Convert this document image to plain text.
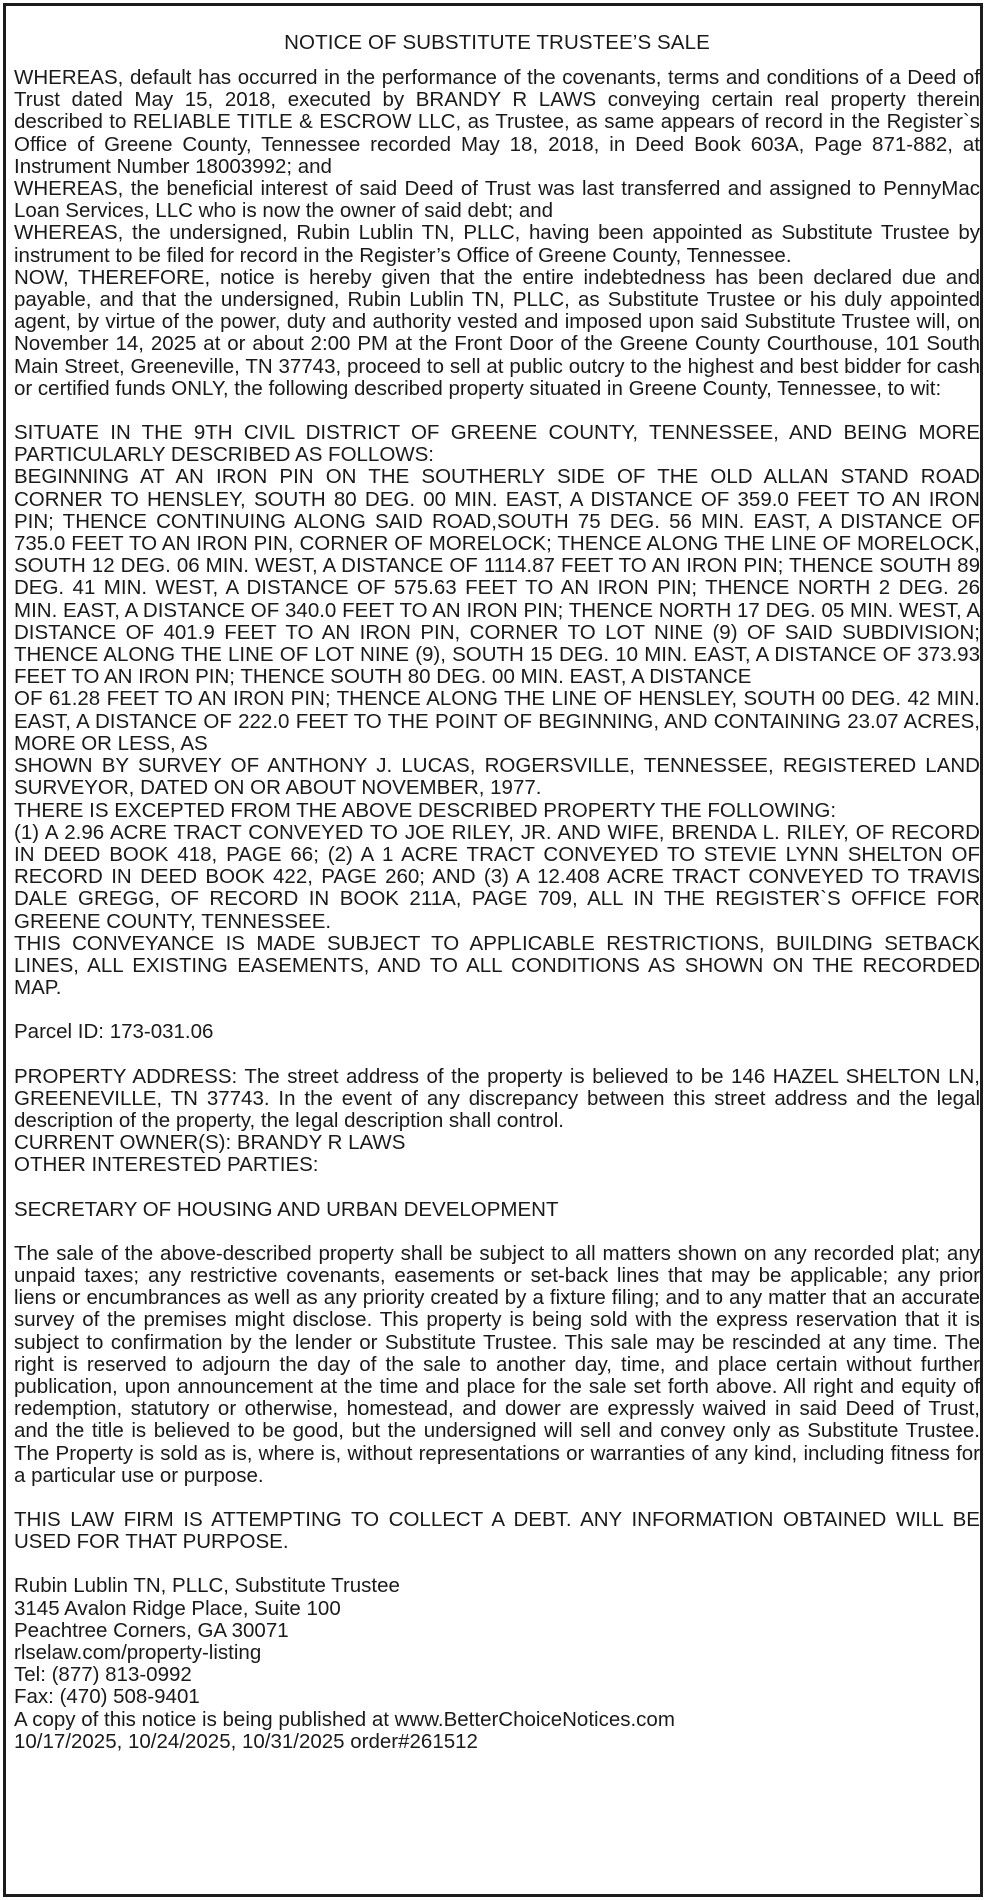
NOTICE OF SUBSTITUTE TRUSTEE’S SALE

WHEREAS, default has occurred in the performance of the covenants, terms and conditions of a Deed of Trust dated May 15, 2018, executed by BRANDY R LAWS conveying certain real property therein described to RELIABLE TITLE & ESCROW LLC, as Trustee, as same appears of record in the Register`s Office of Greene County, Tennessee recorded May 18, 2018, in Deed Book 603A, Page 871-882, at Instrument Number 18003992; and

WHEREAS, the beneficial interest of said Deed of Trust was last transferred and assigned to PennyMac Loan Services, LLC who is now the owner of said debt; and

WHEREAS, the undersigned, Rubin Lublin TN, PLLC, having been appointed as Substitute Trustee by instrument to be filed for record in the Register’s Office of Greene County, Tennessee.

NOW, THEREFORE, notice is hereby given that the entire indebtedness has been declared due and payable, and that the undersigned, Rubin Lublin TN, PLLC, as Substitute Trustee or his duly appointed agent, by virtue of the power, duty and authority vested and imposed upon said Substitute Trustee will, on November 14, 2025 at or about 2:00 PM at the Front Door of the Greene County Courthouse, 101 South Main Street, Greeneville, TN 37743, proceed to sell at public outcry to the highest and best bidder for cash or certified funds ONLY, the following described property situated in Greene County, Tennessee, to wit:

SITUATE IN THE 9TH CIVIL DISTRICT OF GREENE COUNTY, TENNESSEE, AND BEING MORE PARTICULARLY DESCRIBED AS FOLLOWS:

BEGINNING AT AN IRON PIN ON THE SOUTHERLY SIDE OF THE OLD ALLAN STAND ROAD CORNER TO HENSLEY, SOUTH 80 DEG. 00 MIN. EAST, A DISTANCE OF 359.0 FEET TO AN IRON PIN; THENCE CONTINUING ALONG SAID ROAD,SOUTH 75 DEG. 56 MIN. EAST, A DISTANCE OF 735.0 FEET TO AN IRON PIN, CORNER OF MORELOCK; THENCE ALONG THE LINE OF MORELOCK, SOUTH 12 DEG. 06 MIN. WEST, A DISTANCE OF 1114.87 FEET TO AN IRON PIN; THENCE SOUTH 89 DEG. 41 MIN. WEST, A DISTANCE OF 575.63 FEET TO AN IRON PIN; THENCE NORTH 2 DEG. 26 MIN. EAST, A DISTANCE OF 340.0 FEET TO AN IRON PIN; THENCE NORTH 17 DEG. 05 MIN. WEST, A DISTANCE OF 401.9 FEET TO AN IRON PIN, CORNER TO LOT NINE (9) OF SAID SUBDIVISION; THENCE ALONG THE LINE OF LOT NINE (9), SOUTH 15 DEG. 10 MIN. EAST, A DISTANCE OF 373.93 FEET TO AN IRON PIN; THENCE SOUTH 80 DEG. 00 MIN. EAST, A DISTANCE

OF 61.28 FEET TO AN IRON PIN; THENCE ALONG THE LINE OF HENSLEY, SOUTH 00 DEG. 42 MIN. EAST, A DISTANCE OF 222.0 FEET TO THE POINT OF BEGINNING, AND CONTAINING 23.07 ACRES, MORE OR LESS, AS

SHOWN BY SURVEY OF ANTHONY J. LUCAS, ROGERSVILLE, TENNESSEE, REGISTERED LAND SURVEYOR, DATED ON OR ABOUT NOVEMBER, 1977.

THERE IS EXCEPTED FROM THE ABOVE DESCRIBED PROPERTY THE FOLLOWING:

(1) A 2.96 ACRE TRACT CONVEYED TO JOE RILEY, JR. AND WIFE, BRENDA L. RILEY, OF RECORD IN DEED BOOK 418, PAGE 66; (2) A 1 ACRE TRACT CONVEYED TO STEVIE LYNN SHELTON OF RECORD IN DEED BOOK 422, PAGE 260; AND (3) A 12.408 ACRE TRACT CONVEYED TO TRAVIS DALE GREGG, OF RECORD IN BOOK 211A, PAGE 709, ALL IN THE REGISTER`S OFFICE FOR GREENE COUNTY, TENNESSEE.

THIS CONVEYANCE IS MADE SUBJECT TO APPLICABLE RESTRICTIONS, BUILDING SETBACK LINES, ALL EXISTING EASEMENTS, AND TO ALL CONDITIONS AS SHOWN ON THE RECORDED MAP.

Parcel ID: 173-031.06

PROPERTY ADDRESS: The street address of the property is believed to be 146 HAZEL SHELTON LN, GREENEVILLE, TN 37743. In the event of any discrepancy between this street address and the legal description of the property, the legal description shall control.

CURRENT OWNER(S): BRANDY R LAWS

OTHER INTERESTED PARTIES:

SECRETARY OF HOUSING AND URBAN DEVELOPMENT

The sale of the above-described property shall be subject to all matters shown on any recorded plat; any unpaid taxes; any restrictive covenants, easements or set-back lines that may be applicable; any prior liens or encumbrances as well as any priority created by a fixture filing; and to any matter that an accurate survey of the premises might disclose. This property is being sold with the express reservation that it is subject to confirmation by the lender or Substitute Trustee. This sale may be rescinded at any time. The right is reserved to adjourn the day of the sale to another day, time, and place certain without further publication, upon announcement at the time and place for the sale set forth above. All right and equity of redemption, statutory or otherwise, homestead, and dower are expressly waived in said Deed of Trust, and the title is believed to be good, but the undersigned will sell and convey only as Substitute Trustee. The Property is sold as is, where is, without representations or warranties of any kind, including fitness for a particular use or purpose.

THIS LAW FIRM IS ATTEMPTING TO COLLECT A DEBT. ANY INFORMATION OBTAINED WILL BE USED FOR THAT PURPOSE.

Rubin Lublin TN, PLLC, Substitute Trustee

3145 Avalon Ridge Place, Suite 100

Peachtree Corners, GA 30071

rlselaw.com/property-listing

Tel: (877) 813-0992

Fax: (470) 508-9401

A copy of this notice is being published at www.BetterChoiceNotices.com

10/17/2025, 10/24/2025, 10/31/2025 order#261512
